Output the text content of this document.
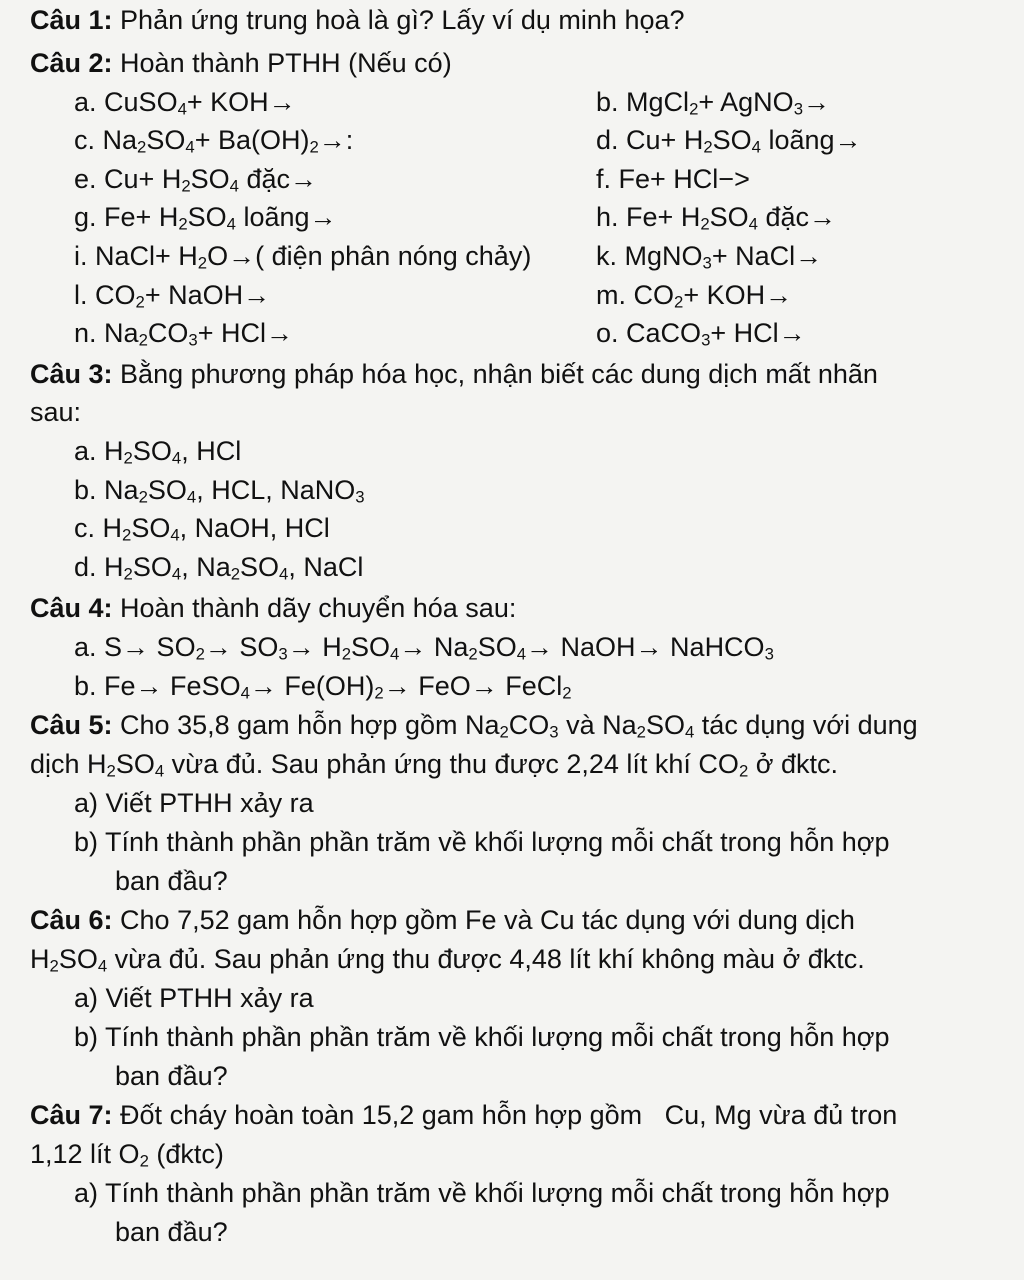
Câu 1: Phản ứng trung hoà là gì? Lấy ví dụ minh họa?
Câu 2: Hoàn thành PTHH (Nếu có)
a. CuSO$_4$+ KOH→	b. MgCl$_2$+ AgNO$_3$→
c. $Na_2SO_4+ Ba(OH)_2\to$:	d. $Cu+ H_2SO_4$ loãng→
e. $Cu+ H_2SO_4$ đặc→	f. Fe+ HCl−>
g. $Fe+ H_2SO_4$ loãng→	h. $Fe+ H_2SO_4$ đặc→
i. NaCl+ $H_2O\to$( điện phân nóng chảy) k. MgNO$_3$+ NaCl→
l. $CO_2+$ NaOH→	m. $CO_2+ KOH\to$
n. $Na_2CO_3+ HCl\to$	o. CaCO$_3$+ HCl→
Câu 3: Bằng phương pháp hóa học, nhận biết các dung dịch mất nhãn
sau:
a. $H_2SO_4$, HCl
b. $Na_2SO_4$, HCL, NaNO$_3$
c. $H_2SO_4$, NaOH, HCl
d. $H_2SO_4$, $Na_2SO_4$, NaCl
Câu 4: Hoàn thành dãy chuyển hóa sau:
a. $S\to SO_2\to SO_3\to H_2SO_4\to Na_2SO_4\to$ NaOH→ NaHCO$_3$
b. Fe→ FeSO$_4$→ $Fe(OH)_2\to FeO\to$ FeCl$_2$
Câu 5: Cho 35,8 gam hỗn hợp gồm $Na_2CO_3$ và $Na_2SO_4$ tác dụng với dung
dịch $H_2SO_4$ vừa đủ. Sau phản ứng thu được 2,24 lít khí $CO_2$ ở đktc.
a) Viết PTHH xảy ra
b) Tính thành phần phần trăm về khối lượng mỗi chất trong hỗn hợp
ban đầu?
Câu 6: Cho 7,52 gam hỗn hợp gồm Fe và Cu tác dụng với dung dịch
$H_2SO_4$ vừa đủ. Sau phản ứng thu được 4,48 lít khí không màu ở đktc.
a) Viết PTHH xảy ra
b) Tính thành phần phần trăm về khối lượng mỗi chất trong hỗn hợp
ban đầu?
Câu 7: Đốt cháy hoàn toàn 15,2 gam hỗn hợp gồm   Cu, Mg vừa đủ tron
1,12 lít $O_2$ (đktc)
a) Tính thành phần phần trăm về khối lượng mỗi chất trong hỗn hợp
ban đầu?
